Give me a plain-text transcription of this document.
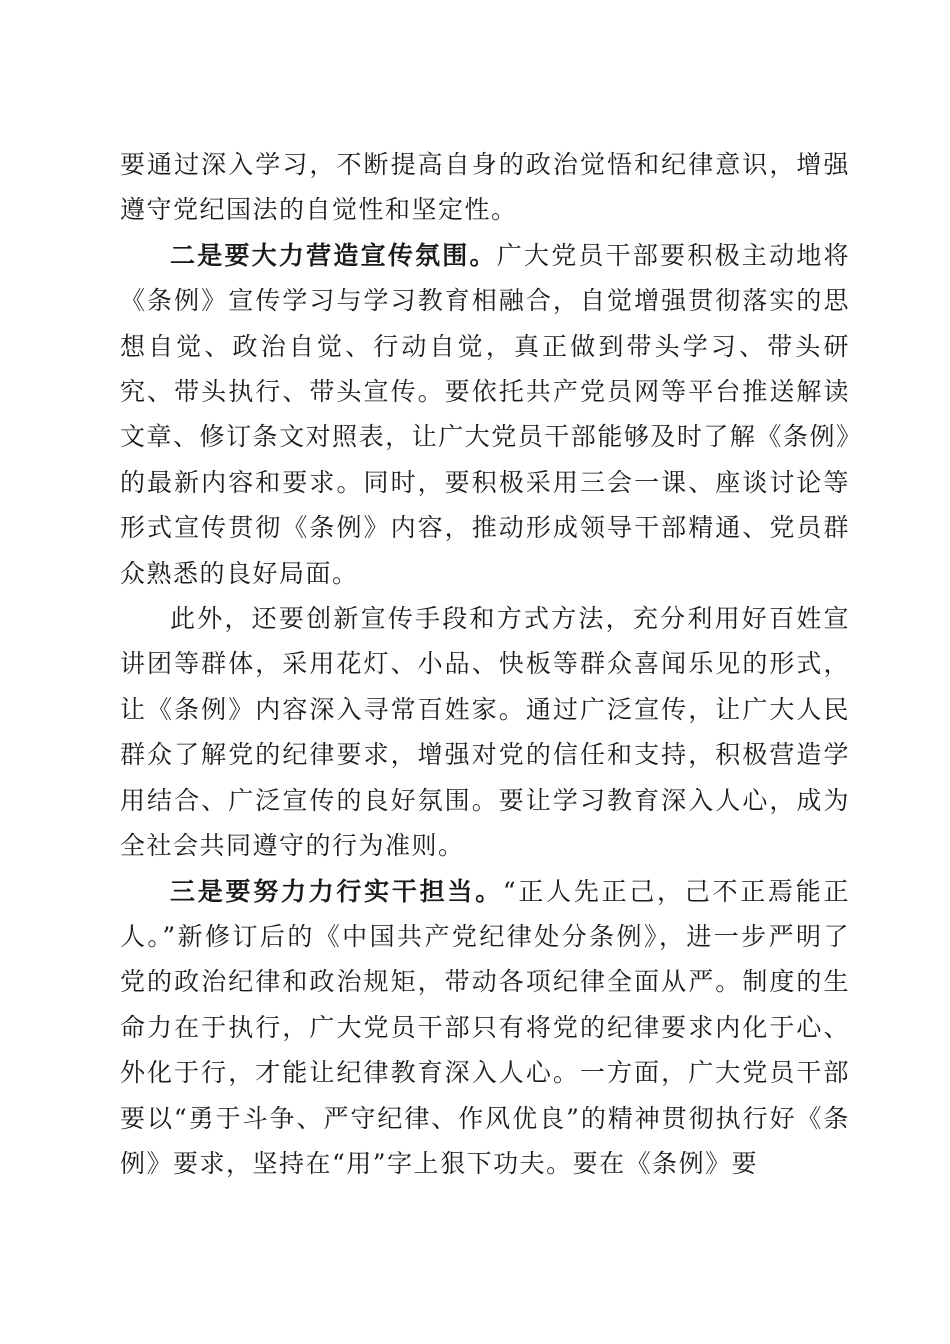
要通过深入学习，不断提高自身的政治觉悟和纪律意识，增强遵守党纪国法的自觉性和坚定性。

二是要大力营造宣传氛围。广大党员干部要积极主动地将《条例》宣传学习与学习教育相融合，自觉增强贯彻落实的思想自觉、政治自觉、行动自觉，真正做到带头学习、带头研究、带头执行、带头宣传。要依托共产党员网等平台推送解读文章、修订条文对照表，让广大党员干部能够及时了解《条例》的最新内容和要求。同时，要积极采用三会一课、座谈讨论等形式宣传贯彻《条例》内容，推动形成领导干部精通、党员群众熟悉的良好局面。

此外，还要创新宣传手段和方式方法，充分利用好百姓宣讲团等群体，采用花灯、小品、快板等群众喜闻乐见的形式，让《条例》内容深入寻常百姓家。通过广泛宣传，让广大人民群众了解党的纪律要求，增强对党的信任和支持，积极营造学用结合、广泛宣传的良好氛围。要让学习教育深入人心，成为全社会共同遵守的行为准则。

三是要努力力行实干担当。“正人先正己，己不正焉能正人。”新修订后的《中国共产党纪律处分条例》，进一步严明了党的政治纪律和政治规矩，带动各项纪律全面从严。制度的生命力在于执行，广大党员干部只有将党的纪律要求内化于心、外化于行，才能让纪律教育深入人心。一方面，广大党员干部要以“勇于斗争、严守纪律、作风优良”的精神贯彻执行好《条例》要求，坚持在“用”字上狠下功夫。要在《条例》要
